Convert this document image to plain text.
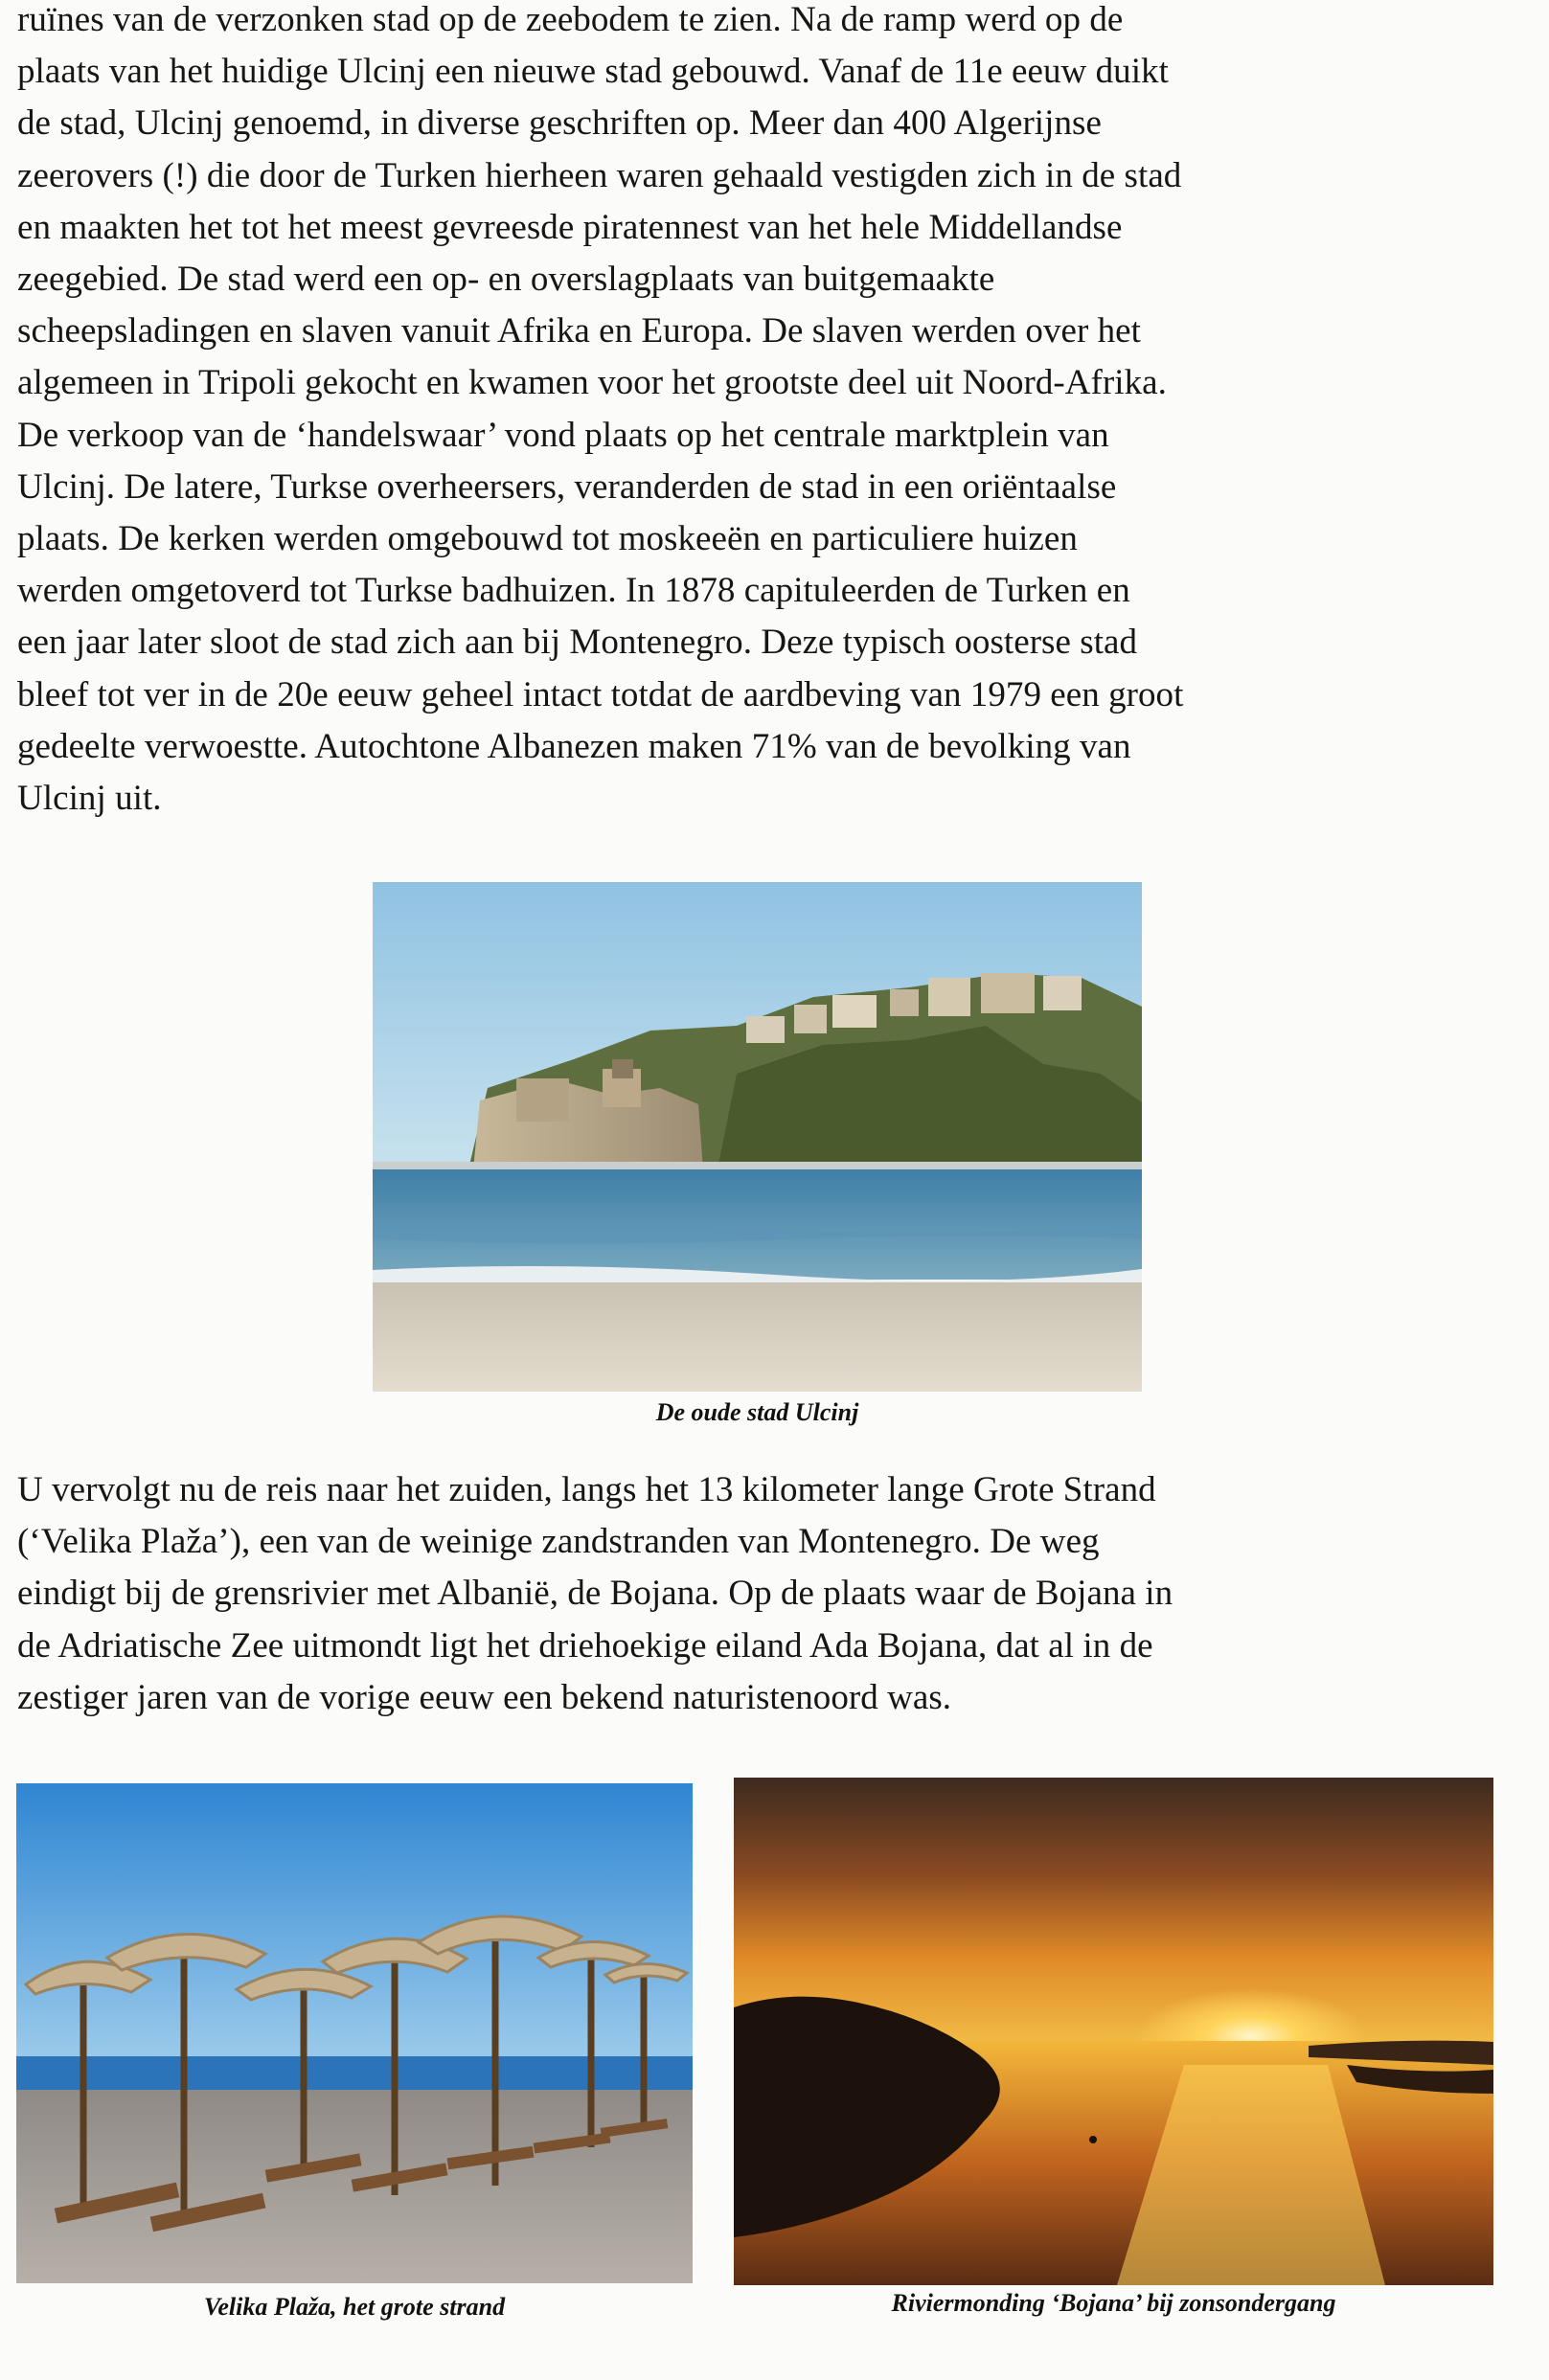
ruïnes van de verzonken stad op de zeebodem te zien. Na de ramp werd op de
plaats van het huidige Ulcinj een nieuwe stad gebouwd. Vanaf de 11e eeuw duikt
de stad, Ulcinj genoemd, in diverse geschriften op. Meer dan 400 Algerijnse
zeerovers (!) die door de Turken hierheen waren gehaald vestigden zich in de stad
en maakten het tot het meest gevreesde piratennest van het hele Middellandse
zeegebied. De stad werd een op- en overslagplaats van buitgemaakte
scheepsladingen en slaven vanuit Afrika en Europa. De slaven werden over het
algemeen in Tripoli gekocht en kwamen voor het grootste deel uit Noord-Afrika.
De verkoop van de ‘handelswaar’ vond plaats op het centrale marktplein van
Ulcinj. De latere, Turkse overheersers, veranderden de stad in een oriëntaalse
plaats. De kerken werden omgebouwd tot moskeeën en particuliere huizen
werden omgetoverd tot Turkse badhuizen. In 1878 capituleerden de Turken en
een jaar later sloot de stad zich aan bij Montenegro. Deze typisch oosterse stad
bleef tot ver in de 20e eeuw geheel intact totdat de aardbeving van 1979 een groot
gedeelte verwoestte. Autochtone Albanezen maken 71% van de bevolking van
Ulcinj uit.
De oude stad Ulcinj
U vervolgt nu de reis naar het zuiden, langs het 13 kilometer lange Grote Strand
(‘Velika Plaža’), een van de weinige zandstranden van Montenegro. De weg
eindigt bij de grensrivier met Albanië, de Bojana. Op de plaats waar de Bojana in
de Adriatische Zee uitmondt ligt het driehoekige eiland Ada Bojana, dat al in de
zestiger jaren van de vorige eeuw een bekend naturistenoord was.
Velika Plaža, het grote strand	Riviermonding ‘Bojana’ bij zonsondergang
